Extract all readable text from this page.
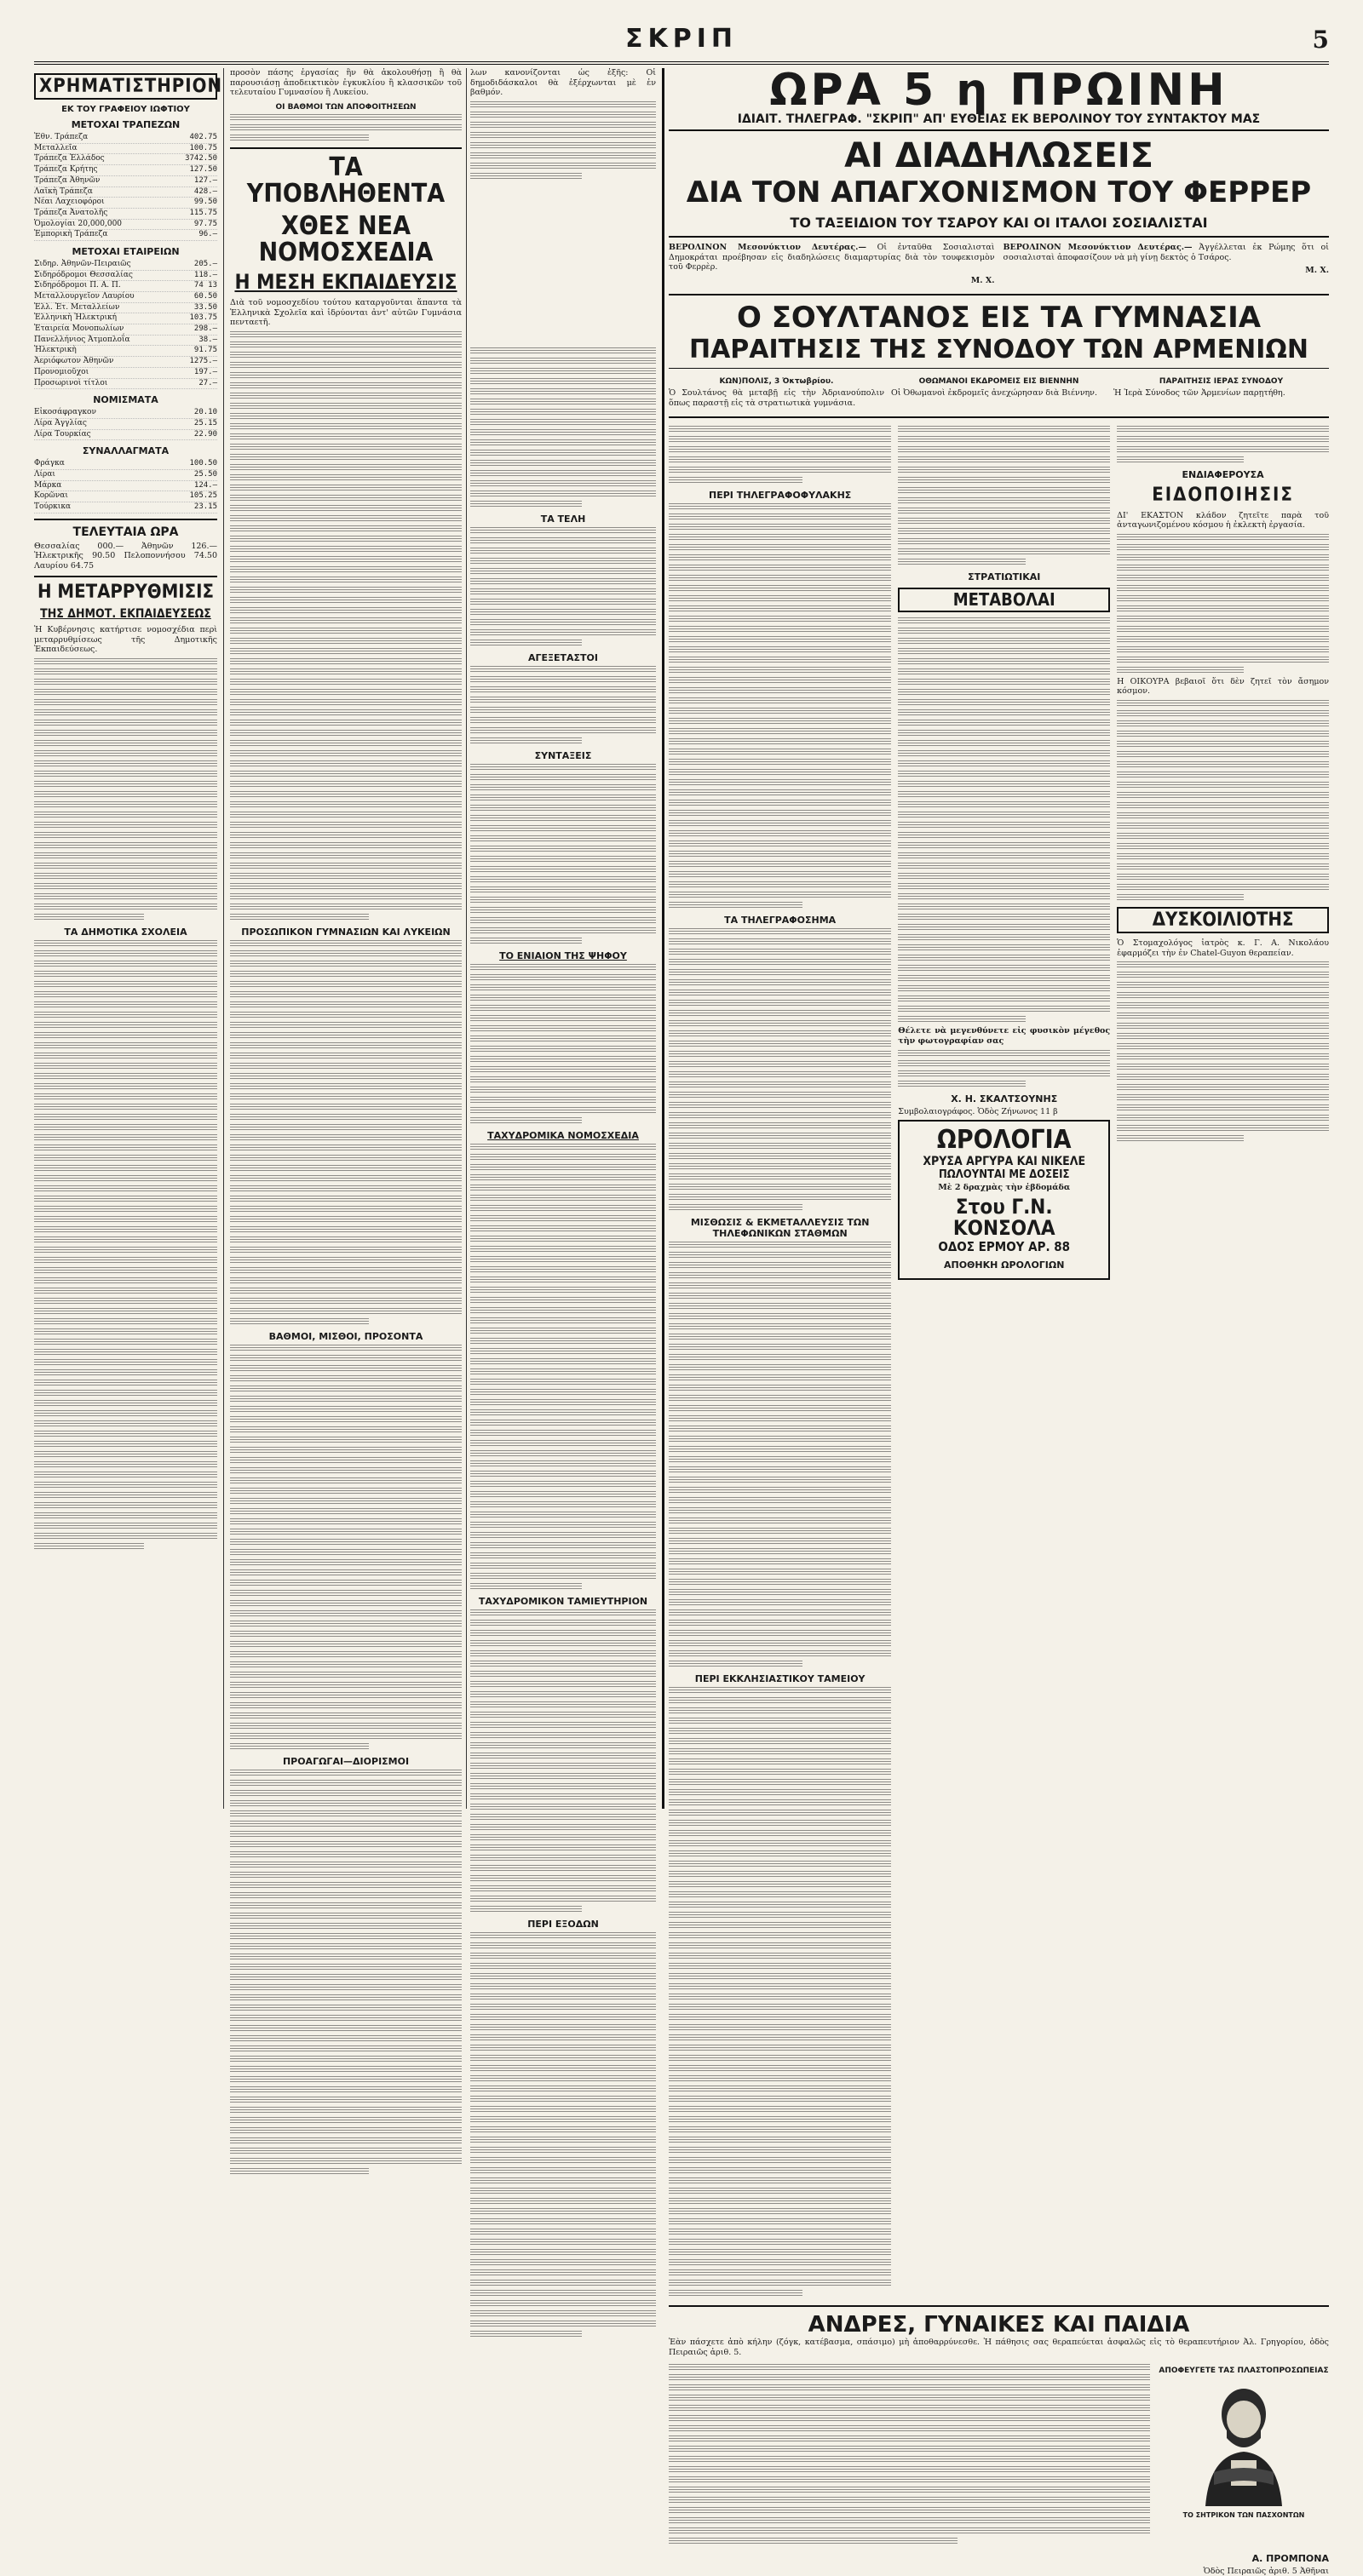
ΣΚΡΙΠ	5
ΧΡΗΜΑΤΙΣΤΗΡΙΟΝ
ΕΚ ΤΟΥ ΓΡΑΦΕΙΟΥ ΙΩΦΤΙΟΥ
ΜΕΤΟΧΑΙ ΤΡΑΠΕΖΩΝ
Ἐθν. Τράπεζα	402.75
Μεταλλεῖα	100.75
Τράπεζα Ἑλλάδος	3742.50
Τράπεζα Κρήτης	127.50
Τράπεζα Ἀθηνῶν	127.—
Λαϊκὴ Τράπεζα	428.—
Νέαι Λαχειοφόροι	99.50
Τράπεζα Ἀνατολῆς	115.75
Ὁμολογίαι 20,000,000	97.75
Ἐμπορικὴ Τράπεζα	96.—
ΜΕΤΟΧΑΙ ΕΤΑΙΡΕΙΩΝ
Σιδηρ. Ἀθηνῶν-Πειραιῶς	205.—
Σιδηρόδρομοι Θεσσαλίας	118.—
Σιδηρόδρομοι Π. Α. Π.	74 13
Μεταλλουργεῖον Λαυρίου	60.50
Ἑλλ. Ἑτ. Μεταλλείων	33.50
Ἑλληνικὴ Ἠλεκτρική	103.75
Ἑταιρεία Μονοπωλίων	298.—
Πανελλήνιος Ἀτμοπλοΐα	38.—
Ἠλεκτρικὴ	91.75
Ἀεριόφωτον Ἀθηνῶν	1275.—
Προνομιοῦχοι	197.—
Προσωρινοὶ τίτλοι	27.—
ΝΟΜΙΣΜΑΤΑ
Εἰκοσάφραγκον	20.10
Λίρα Ἀγγλίας	25.15
Λίρα Τουρκίας	22.90
ΣΥΝΑΛΛΑΓΜΑΤΑ
Φράγκα	100.50
Λίραι	25.50
Μάρκα	124.—
Κορῶναι	105.25
Τούρκικα	23.15
ΤΕΛΕΥΤΑΙΑ ΩΡΑ
Θεσσαλίας 000.— Ἀθηνῶν 126.— Ἠλεκτρικῆς 90.50 Πελοποννήσου 74.50 Λαυρίου 64.75
Η ΜΕΤΑΡΡΥΘΜΙΣΙΣ
ΤΗΣ ΔΗΜΟΤ. ΕΚΠΑΙΔΕΥΣΕΩΣ
Ἡ Κυβέρνησις κατήρτισε νομοσχέδια περὶ μεταρρυθμίσεως τῆς Δημοτικῆς Ἐκπαιδεύσεως.
ΤΑ ΔΗΜΟΤΙΚΑ ΣΧΟΛΕΙΑ
προσὸν πάσης ἐργασίας ἣν θὰ ἀκολουθήσῃ ἢ θὰ παρουσιάσῃ ἀποδεικτικὸν ἐγκυκλίου ἢ κλασσικῶν τοῦ τελευταίου Γυμνασίου ἢ Λυκείου.
ΟΙ ΒΑΘΜΟΙ ΤΩΝ ΑΠΟΦΟΙΤΗΣΕΩΝ
ΤΑ ΥΠΟΒΛΗΘΕΝΤΑ
ΧΘΕΣ ΝΕΑ ΝΟΜΟΣΧΕΔΙΑ
Η ΜΕΣΗ ΕΚΠΑΙΔΕΥΣΙΣ
Διὰ τοῦ νομοσχεδίου τούτου καταργοῦνται ἅπαντα τὰ Ἑλληνικὰ Σχολεῖα καὶ ἱδρύονται ἀντ' αὐτῶν Γυμνάσια πενταετῆ.
ΠΡΟΣΩΠΙΚΟΝ ΓΥΜΝΑΣΙΩΝ ΚΑΙ ΛΥΚΕΙΩΝ
ΒΑΘΜΟΙ, ΜΙΣΘΟΙ, ΠΡΟΣΟΝΤΑ
ΠΡΟΑΓΩΓΑΙ—ΔΙΟΡΙΣΜΟΙ
λων κανονίζονται ὡς ἑξῆς: Οἱ δημοδιδάσκαλοι θὰ ἐξέρχωνται μὲ ἐν βαθμόν.
ΤΑ ΤΕΛΗ
ΑΓΕΞΕΤΑΣΤΟΙ
ΣΥΝΤΑΞΕΙΣ
ΤΟ ΕΝΙΑΙΟΝ ΤΗΣ ΨΗΦΟΥ
ΤΑΧΥΔΡΟΜΙΚΑ ΝΟΜΟΣΧΕΔΙΑ
ΤΑΧΥΔΡΟΜΙΚΟΝ ΤΑΜΙΕΥΤΗΡΙΟΝ
ΠΕΡΙ ΕΞΟΔΩΝ
ΩΡΑ 5 η ΠΡΩΙΝΗ
ΙΔΙΑΙΤ. ΤΗΛΕΓΡΑΦ. "ΣΚΡΙΠ" ΑΠ' ΕΥΘΕΙΑΣ ΕΚ ΒΕΡΟΛΙΝΟΥ ΤΟΥ ΣΥΝΤΑΚΤΟΥ ΜΑΣ
ΑΙ ΔΙΑΔΗΛΩΣΕΙΣ
ΔΙΑ ΤΟΝ ΑΠΑΓΧΟΝΙΣΜΟΝ ΤΟΥ ΦΕΡΡΕΡ
ΤΟ ΤΑΞΕΙΔΙΟΝ ΤΟΥ ΤΣΑΡΟΥ ΚΑΙ ΟΙ ΙΤΑΛΟΙ ΣΟΣΙΑΛΙΣΤΑΙ
ΒΕΡΟΛΙΝΟΝ Μεσονύκτιον Δευτέρας.— Οἱ ἐνταῦθα Σοσιαλισταὶ Δημοκράται προέβησαν εἰς διαδηλώσεις διαμαρτυρίας διὰ τὸν τουφεκισμὸν τοῦ Φερρὲρ.
Μ. Χ.
ΒΕΡΟΛΙΝΟΝ Μεσονύκτιον Δευτέρας.— Ἀγγέλλεται ἐκ Ρώμης ὅτι οἱ σοσιαλισταὶ ἀποφασίζουν νὰ μὴ γίνῃ δεκτὸς ὁ Τσάρος.
Μ. Χ.
Ο ΣΟΥΛΤΑΝΟΣ ΕΙΣ ΤΑ ΓΥΜΝΑΣΙΑ
ΠΑΡΑΙΤΗΣΙΣ ΤΗΣ ΣΥΝΟΔΟΥ ΤΩΝ ΑΡΜΕΝΙΩΝ
ΚΩΝ)ΠΟΛΙΣ, 3 Ὀκτωβρίου.
Ὁ Σουλτάνος θὰ μεταβῇ εἰς τὴν Ἀδριανούπολιν ὅπως παραστῇ εἰς τὰ στρατιωτικὰ γυμνάσια.
ΟΘΩΜΑΝΟΙ ΕΚΔΡΟΜΕΙΣ ΕΙΣ ΒΙΕΝΝΗΝ
Οἱ Ὀθωμανοὶ ἐκδρομεῖς ἀνεχώρησαν διὰ Βιέννην.
ΠΑΡΑΙΤΗΣΙΣ ΙΕΡΑΣ ΣΥΝΟΔΟΥ
Ἡ Ἱερὰ Σύνοδος τῶν Ἀρμενίων παρῃτήθη.
ΠΕΡΙ ΤΗΛΕΓΡΑΦΟΦΥΛΑΚΗΣ
ΤΑ ΤΗΛΕΓΡΑΦΟΣΗΜΑ
ΜΙΣΘΩΣΙΣ & ΕΚΜΕΤΑΛΛΕΥΣΙΣ ΤΩΝ ΤΗΛΕΦΩΝΙΚΩΝ ΣΤΑΘΜΩΝ
ΠΕΡΙ ΕΚΚΛΗΣΙΑΣΤΙΚΟΥ ΤΑΜΕΙΟΥ
ΣΤΡΑΤΙΩΤΙΚΑΙ
ΜΕΤΑΒΟΛΑΙ
Θέλετε νὰ μεγενθύνετε εἰς φυσικὸν μέγεθος τὴν φωτογραφίαν σας
Χ. Η. ΣΚΑΛΤΣΟΥΝΗΣ
Συμβολαιογράφος. Ὁδὸς Ζήνωνος 11 β
ΩΡΟΛΟΓΙΑ
ΧΡΥΣΑ ΑΡΓΥΡΑ ΚΑΙ ΝΙΚΕΛΕ
ΠΩΛΟΥΝΤΑΙ ΜΕ ΔΟΣΕΙΣ
Μὲ 2 δραχμὰς τὴν ἑβδομάδα
Στου Γ.Ν. ΚΟΝΣΟΛΑ
ΟΔΟΣ ΕΡΜΟΥ ΑΡ. 88
ΑΠΟΘΗΚΗ ΩΡΟΛΟΓΙΩΝ
ΕΝΔΙΑΦΕΡΟΥΣΑ
ΕΙΔΟΠΟΙΗΣΙΣ
ΔΙ' ΕΚΑΣΤΟΝ κλάδον ζητεῖτε παρὰ τοῦ ἀνταγωνιζομένου κόσμου ἡ ἐκλεκτὴ ἐργασία.
Η ΟΙΚΟΥΡΑ βεβαιοῖ ὅτι δὲν ζητεῖ τὸν ἄσημον κόσμον.
ΔΥΣΚΟΙΛΙΟΤΗΣ
Ὁ Στομαχολόγος ἰατρὸς κ. Γ. Α. Νικολάου ἐφαρμόζει τὴν ἐν Chatel-Guyon θεραπείαν.
ΑΝΔΡΕΣ, ΓΥΝΑΙΚΕΣ ΚΑΙ ΠΑΙΔΙΑ
Ἐὰν πάσχετε ἀπὸ κήλην (ζόγκ, κατέβασμα, σπάσιμο) μὴ ἀποθαρρύνεσθε. Ἡ πάθησις σας θεραπεύεται ἀσφαλῶς εἰς τὸ θεραπευτήριον Ἀλ. Γρηγορίου, ὁδὸς Πειραιῶς ἀριθ. 5.
ΑΠΟΦΕΥΓΕΤΕ ΤΑΣ ΠΛΑΣΤΟΠΡΟΣΩΠΕΙΑΣ
ΤΟ ΣΗΤΡΙΚΟΝ ΤΩΝ ΠΑΣΧΟΝΤΩΝ
Α. ΠΡΟΜΠΟΝΑ
Ὁδὸς Πειραιῶς ἀριθ. 5 Ἀθῆναι
